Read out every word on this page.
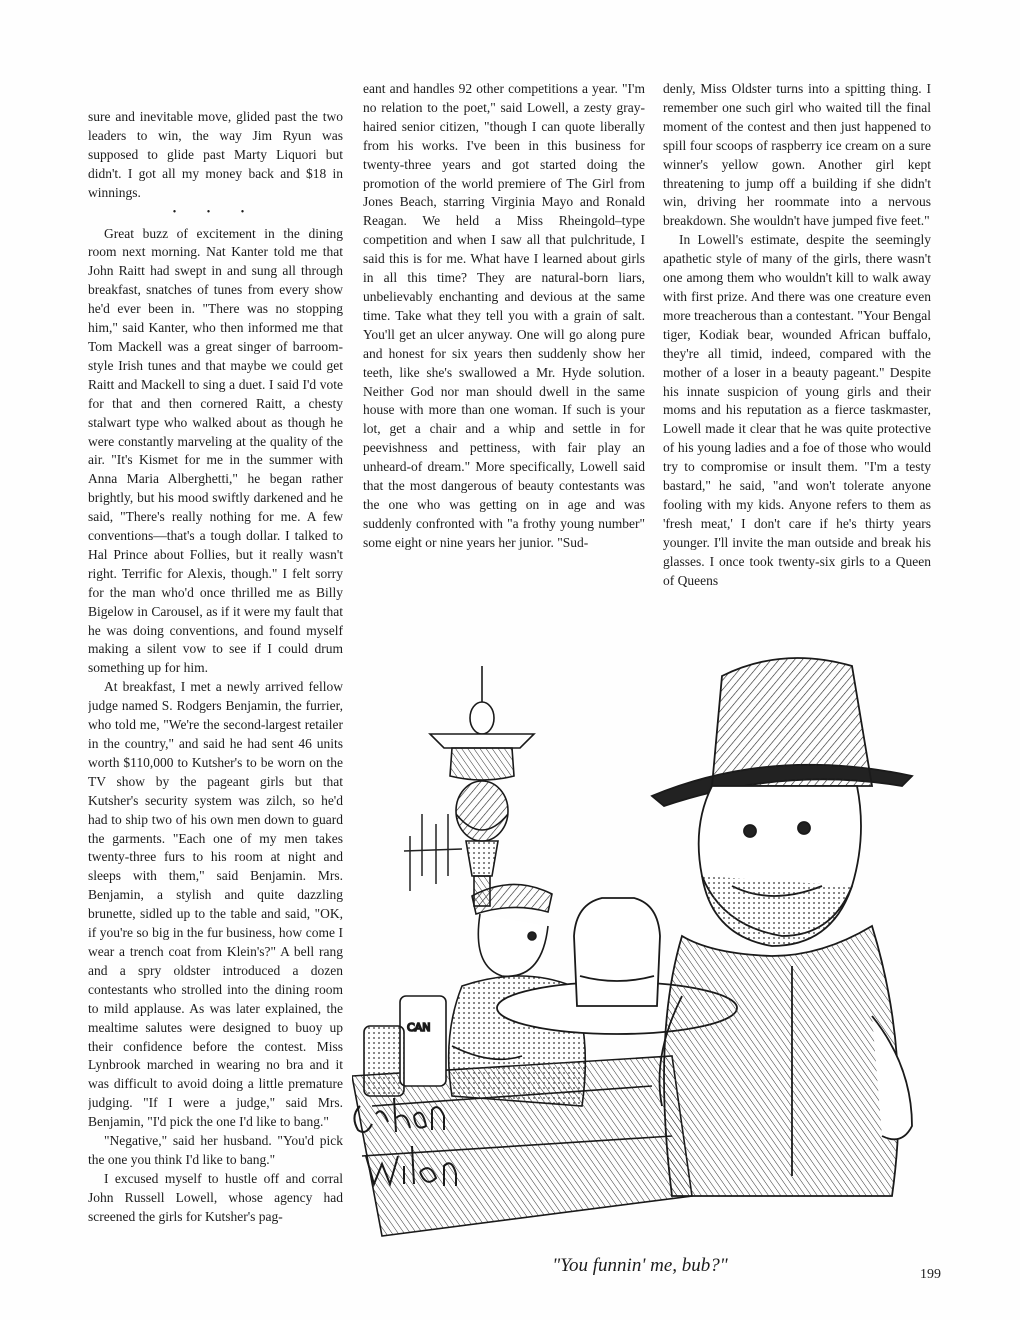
sure and inevitable move, glided past the two leaders to win, the way Jim Ryun was supposed to glide past Marty Liquori but didn't. I got all my money back and $18 in winnings.

• • •

Great buzz of excitement in the dining room next morning. Nat Kanter told me that John Raitt had swept in and sung all through breakfast, snatches of tunes from every show he'd ever been in. "There was no stopping him," said Kanter, who then informed me that Tom Mackell was a great singer of barroom-style Irish tunes and that maybe we could get Raitt and Mackell to sing a duet. I said I'd vote for that and then cornered Raitt, a chesty stalwart type who walked about as though he were constantly marveling at the quality of the air. "It's Kismet for me in the summer with Anna Maria Alberghetti," he began rather brightly, but his mood swiftly darkened and he said, "There's really nothing for me. A few conventions—that's a tough dollar. I talked to Hal Prince about Follies, but it really wasn't right. Terrific for Alexis, though." I felt sorry for the man who'd once thrilled me as Billy Bigelow in Carousel, as if it were my fault that he was doing conventions, and found myself making a silent vow to see if I could drum something up for him.

At breakfast, I met a newly arrived fellow judge named S. Rodgers Benjamin, the furrier, who told me, "We're the second-largest retailer in the country," and said he had sent 46 units worth $110,000 to Kutsher's to be worn on the TV show by the pageant girls but that Kutsher's security system was zilch, so he'd had to ship two of his own men down to guard the garments. "Each one of my men takes twenty-three furs to his room at night and sleeps with them," said Benjamin. Mrs. Benjamin, a stylish and quite dazzling brunette, sidled up to the table and said, "OK, if you're so big in the fur business, how come I wear a trench coat from Klein's?" A bell rang and a spry oldster introduced a dozen contestants who strolled into the dining room to mild applause. As was later explained, the mealtime salutes were designed to buoy up their confidence before the contest. Miss Lynbrook marched in wearing no bra and it was difficult to avoid doing a little premature judging. "If I were a judge," said Mrs. Benjamin, "I'd pick the one I'd like to bang."

"Negative," said her husband. "You'd pick the one you think I'd like to bang."

I excused myself to hustle off and corral John Russell Lowell, whose agency had screened the girls for Kutsher's pag-

eant and handles 92 other competitions a year. "I'm no relation to the poet," said Lowell, a zesty gray-haired senior citizen, "though I can quote liberally from his works. I've been in this business for twenty-three years and got started doing the promotion of the world premiere of The Girl from Jones Beach, starring Virginia Mayo and Ronald Reagan. We held a Miss Rheingold–type competition and when I saw all that pulchritude, I said this is for me. What have I learned about girls in all this time? They are natural-born liars, unbelievably enchanting and devious at the same time. Take what they tell you with a grain of salt. You'll get an ulcer anyway. One will go along pure and honest for six years then suddenly show her teeth, like she's swallowed a Mr. Hyde solution. Neither God nor man should dwell in the same house with more than one woman. If such is your lot, get a chair and a whip and settle in for peevishness and pettiness, with fair play an unheard-of dream." More specifically, Lowell said that the most dangerous of beauty contestants was the one who was getting on in age and was suddenly confronted with "a frothy young number" some eight or nine years her junior. "Sud-

denly, Miss Oldster turns into a spitting thing. I remember one such girl who waited till the final moment of the contest and then just happened to spill four scoops of raspberry ice cream on a sure winner's yellow gown. Another girl kept threatening to jump off a building if she didn't win, driving her roommate into a nervous breakdown. She wouldn't have jumped five feet."

In Lowell's estimate, despite the seemingly apathetic style of many of the girls, there wasn't one among them who wouldn't kill to walk away with first prize. And there was one creature even more treacherous than a contestant. "Your Bengal tiger, Kodiak bear, wounded African buffalo, they're all timid, indeed, compared with the mother of a loser in a beauty pageant." Despite his innate suspicion of young girls and their moms and his reputation as a fierce taskmaster, Lowell made it clear that he was quite protective of his young ladies and a foe of those who would try to compromise or insult them. "I'm a testy bastard," he said, "and won't tolerate anyone fooling with my kids. Anyone refers to them as 'fresh meat,' I don't care if he's thirty years younger. I'll invite the man outside and break his glasses. I once took twenty-six girls to a Queen of Queens

CAN
Gahan Wilson
"You funnin' me, bub?"	199
